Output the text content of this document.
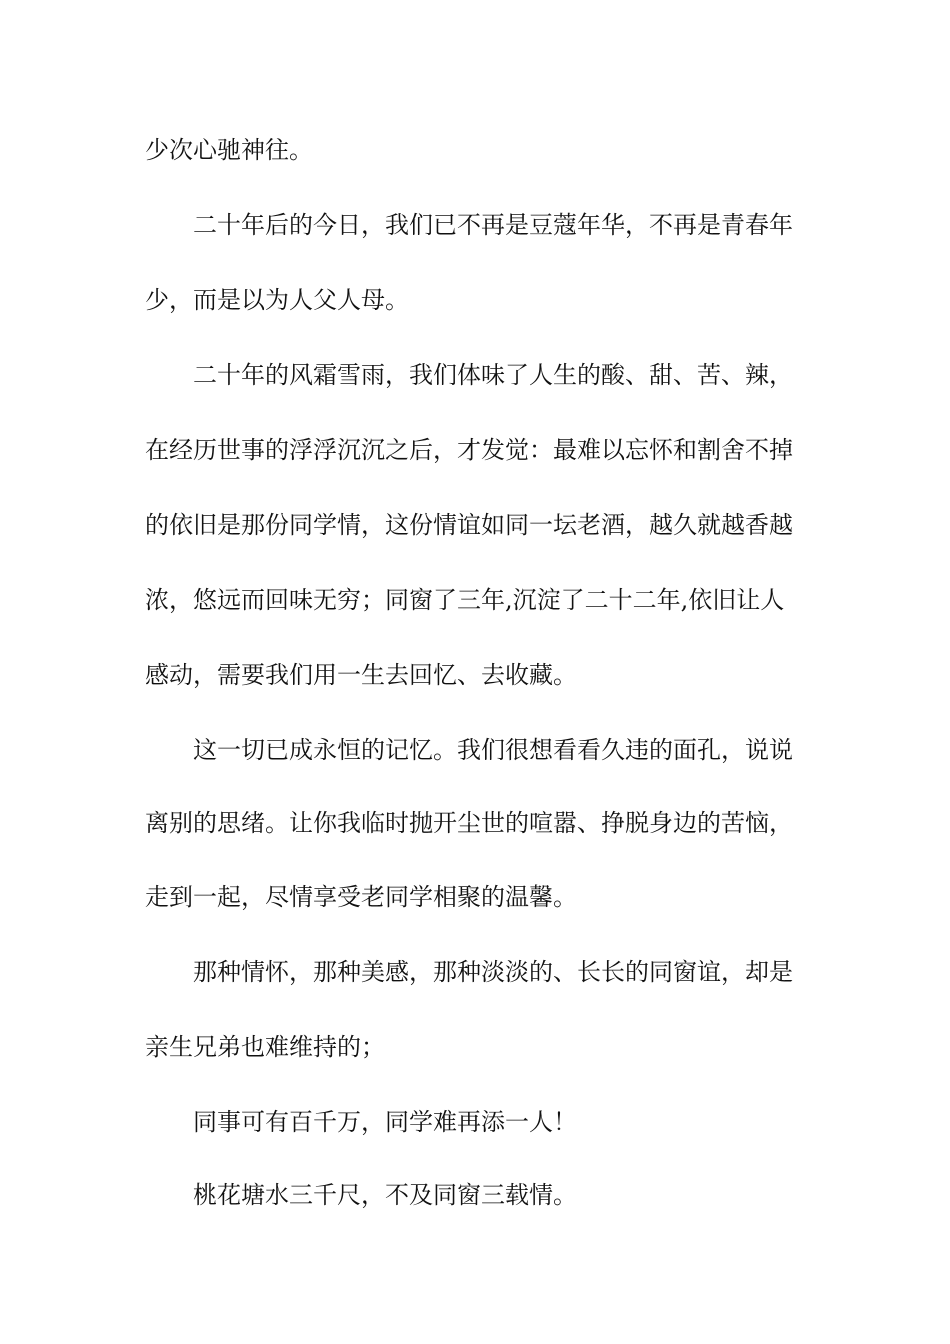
少次心驰神往。
二十年后的今日，我们已不再是豆蔻年华，不再是青春年
少，而是以为人父人母。
二十年的风霜雪雨，我们体味了人生的酸、甜、苦、辣，
在经历世事的浮浮沉沉之后，才发觉：最难以忘怀和割舍不掉
的依旧是那份同学情，这份情谊如同一坛老酒，越久就越香越
浓，悠远而回味无穷；同窗了三年,沉淀了二十二年,依旧让人
感动，需要我们用一生去回忆、去收藏。
这一切已成永恒的记忆。我们很想看看久违的面孔，说说
离别的思绪。让你我临时抛开尘世的喧嚣、挣脱身边的苦恼，
走到一起，尽情享受老同学相聚的温馨。
那种情怀，那种美感，那种淡淡的、长长的同窗谊，却是
亲生兄弟也难维持的；
同事可有百千万，同学难再添一人！
桃花塘水三千尺，不及同窗三载情。
